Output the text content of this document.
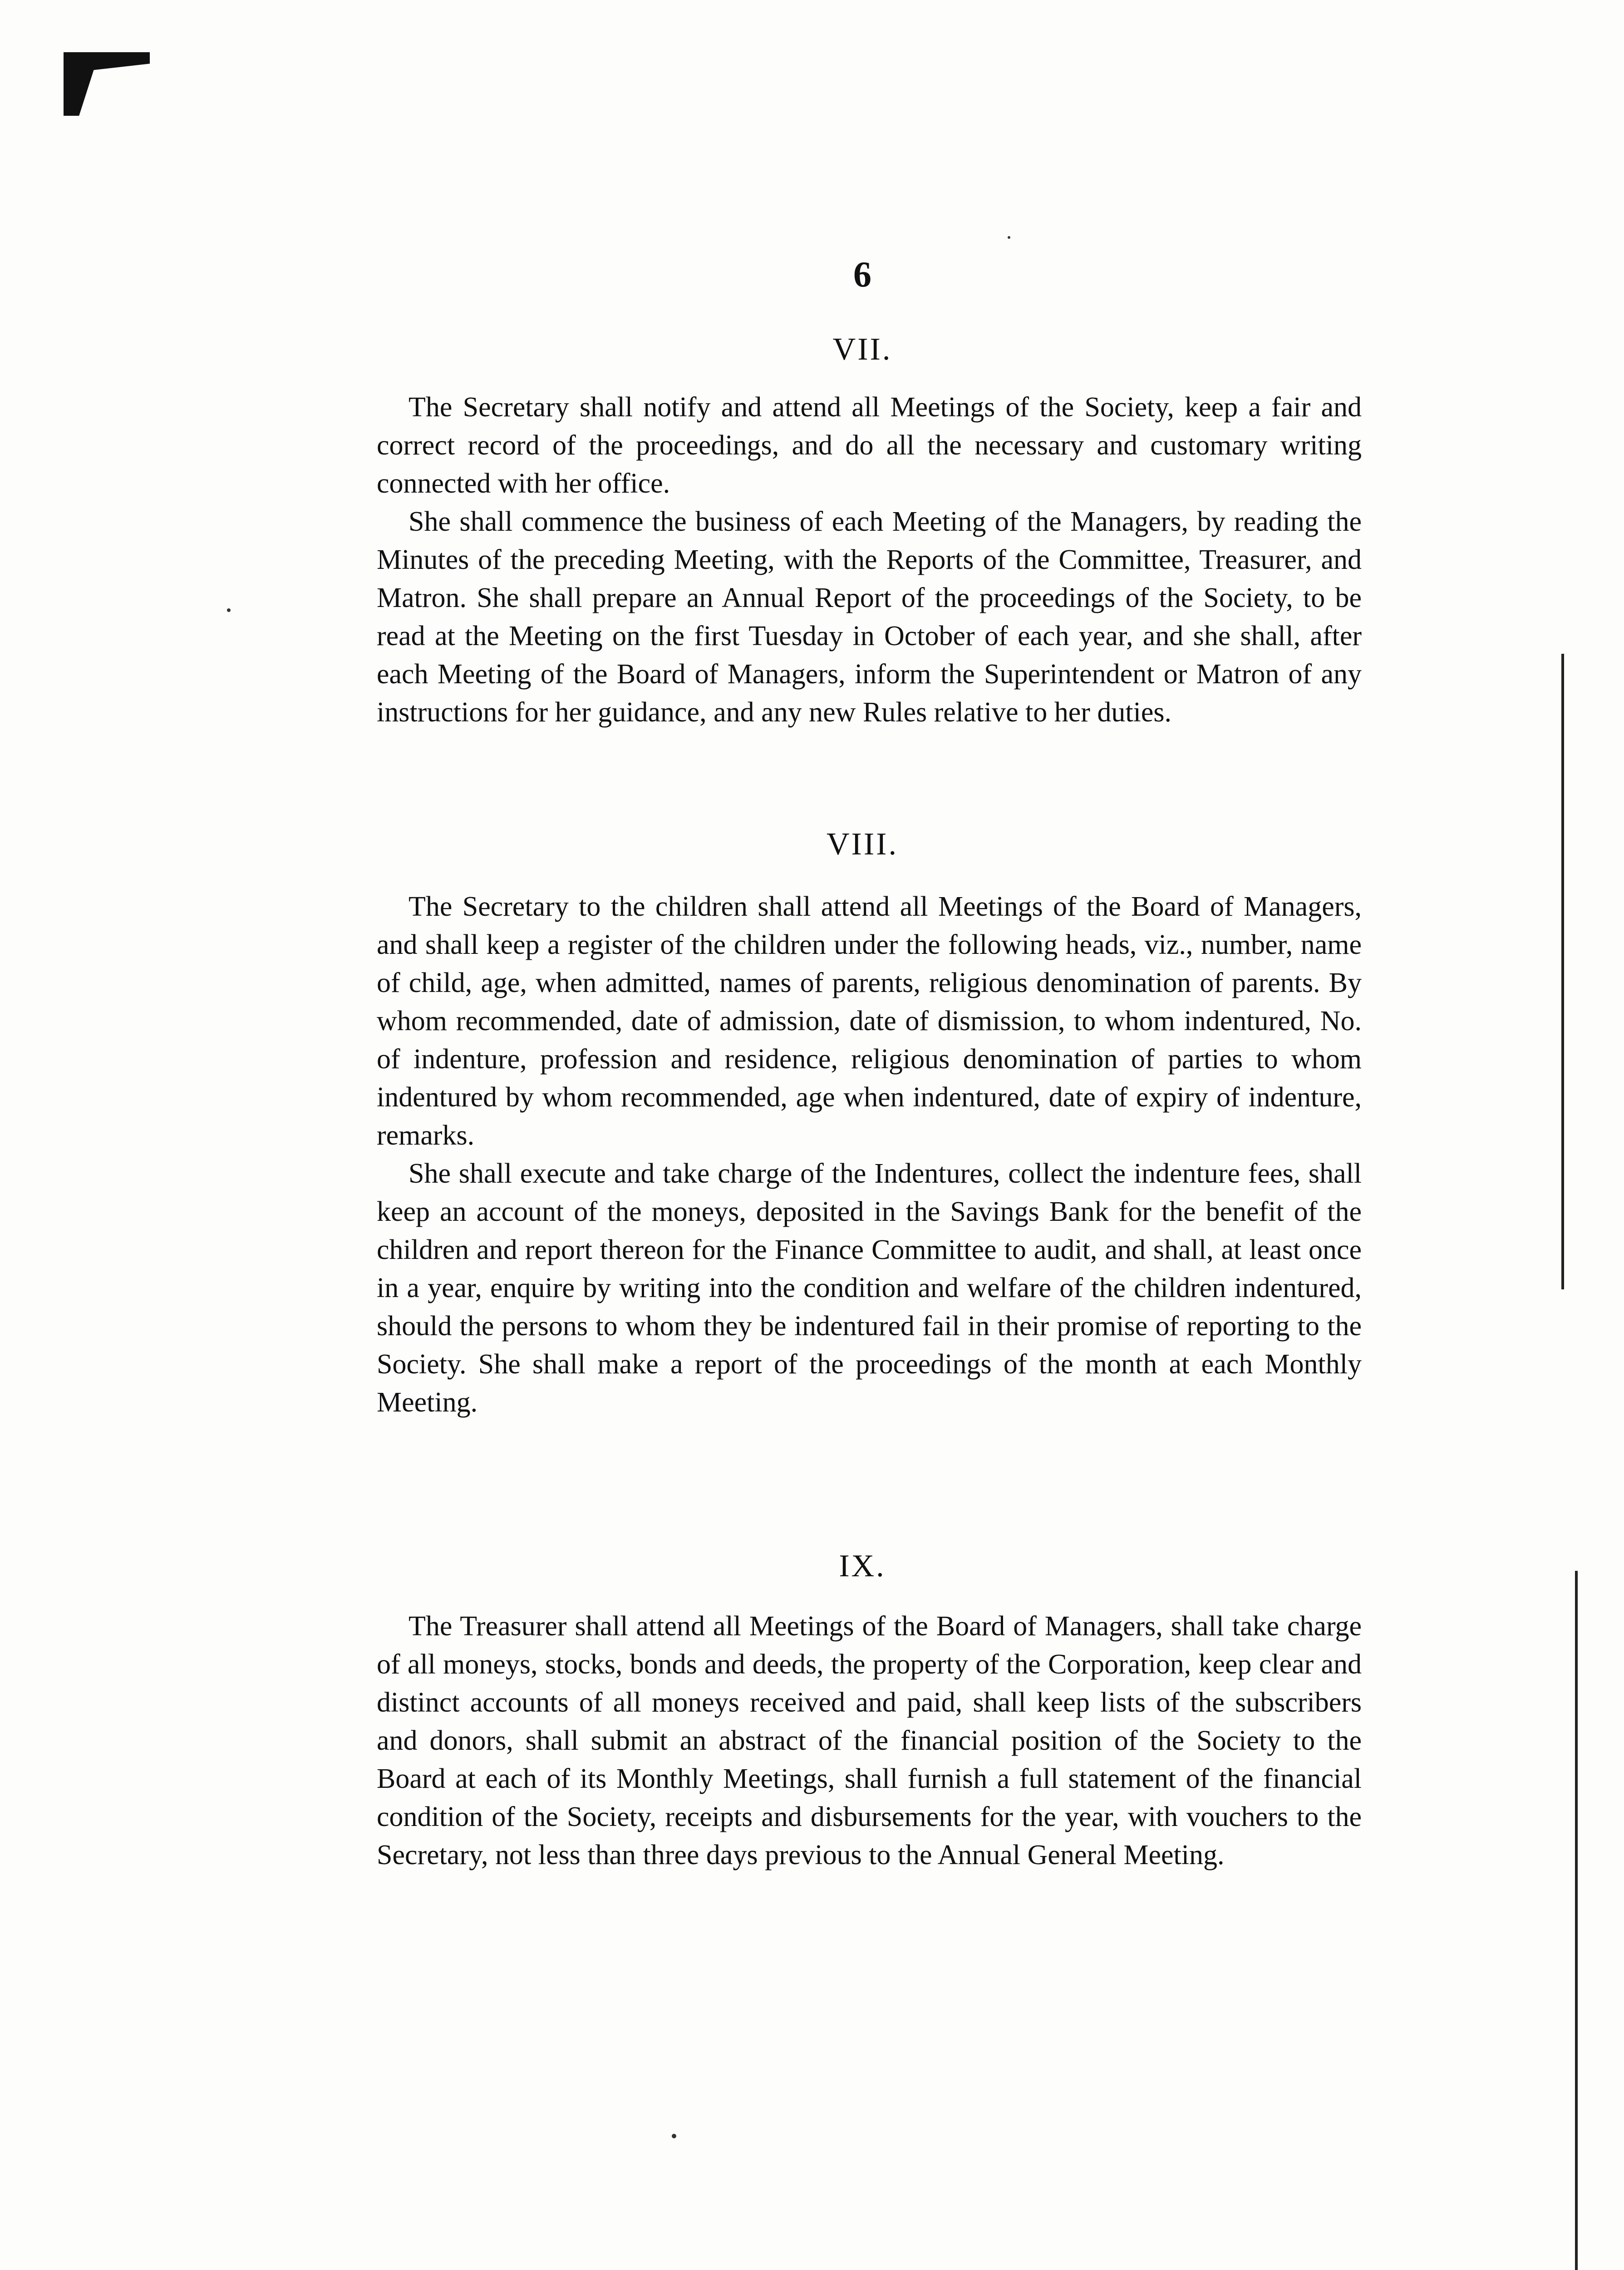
6
VII.

The Secretary shall notify and attend all Meetings of the Society, keep a fair and correct record of the proceedings, and do all the necessary and customary writing connected with her office.

She shall commence the business of each Meeting of the Managers, by reading the Minutes of the preceding Meeting, with the Reports of the Committee, Treasurer, and Matron. She shall prepare an Annual Report of the proceedings of the Society, to be read at the Meeting on the first Tuesday in October of each year, and she shall, after each Meeting of the Board of Managers, inform the Superintendent or Matron of any instructions for her guidance, and any new Rules relative to her duties.

VIII.

The Secretary to the children shall attend all Meetings of the Board of Managers, and shall keep a register of the children under the following heads, viz., number, name of child, age, when admitted, names of parents, religious denomination of parents. By whom recommended, date of admission, date of dismission, to whom indentured, No. of indenture, profession and residence, religious denomination of parties to whom indentured by whom recommended, age when indentured, date of expiry of indenture, remarks.

She shall execute and take charge of the Indentures, collect the indenture fees, shall keep an account of the moneys, deposited in the Savings Bank for the benefit of the children and report thereon for the Finance Committee to audit, and shall, at least once in a year, enquire by writing into the condition and welfare of the children indentured, should the persons to whom they be indentured fail in their promise of reporting to the Society. She shall make a report of the proceedings of the month at each Monthly Meeting.

IX.

The Treasurer shall attend all Meetings of the Board of Managers, shall take charge of all moneys, stocks, bonds and deeds, the property of the Corporation, keep clear and distinct accounts of all moneys received and paid, shall keep lists of the subscribers and donors, shall submit an abstract of the financial position of the Society to the Board at each of its Monthly Meetings, shall furnish a full statement of the financial condition of the Society, receipts and disbursements for the year, with vouchers to the Secretary, not less than three days previous to the Annual General Meeting.
